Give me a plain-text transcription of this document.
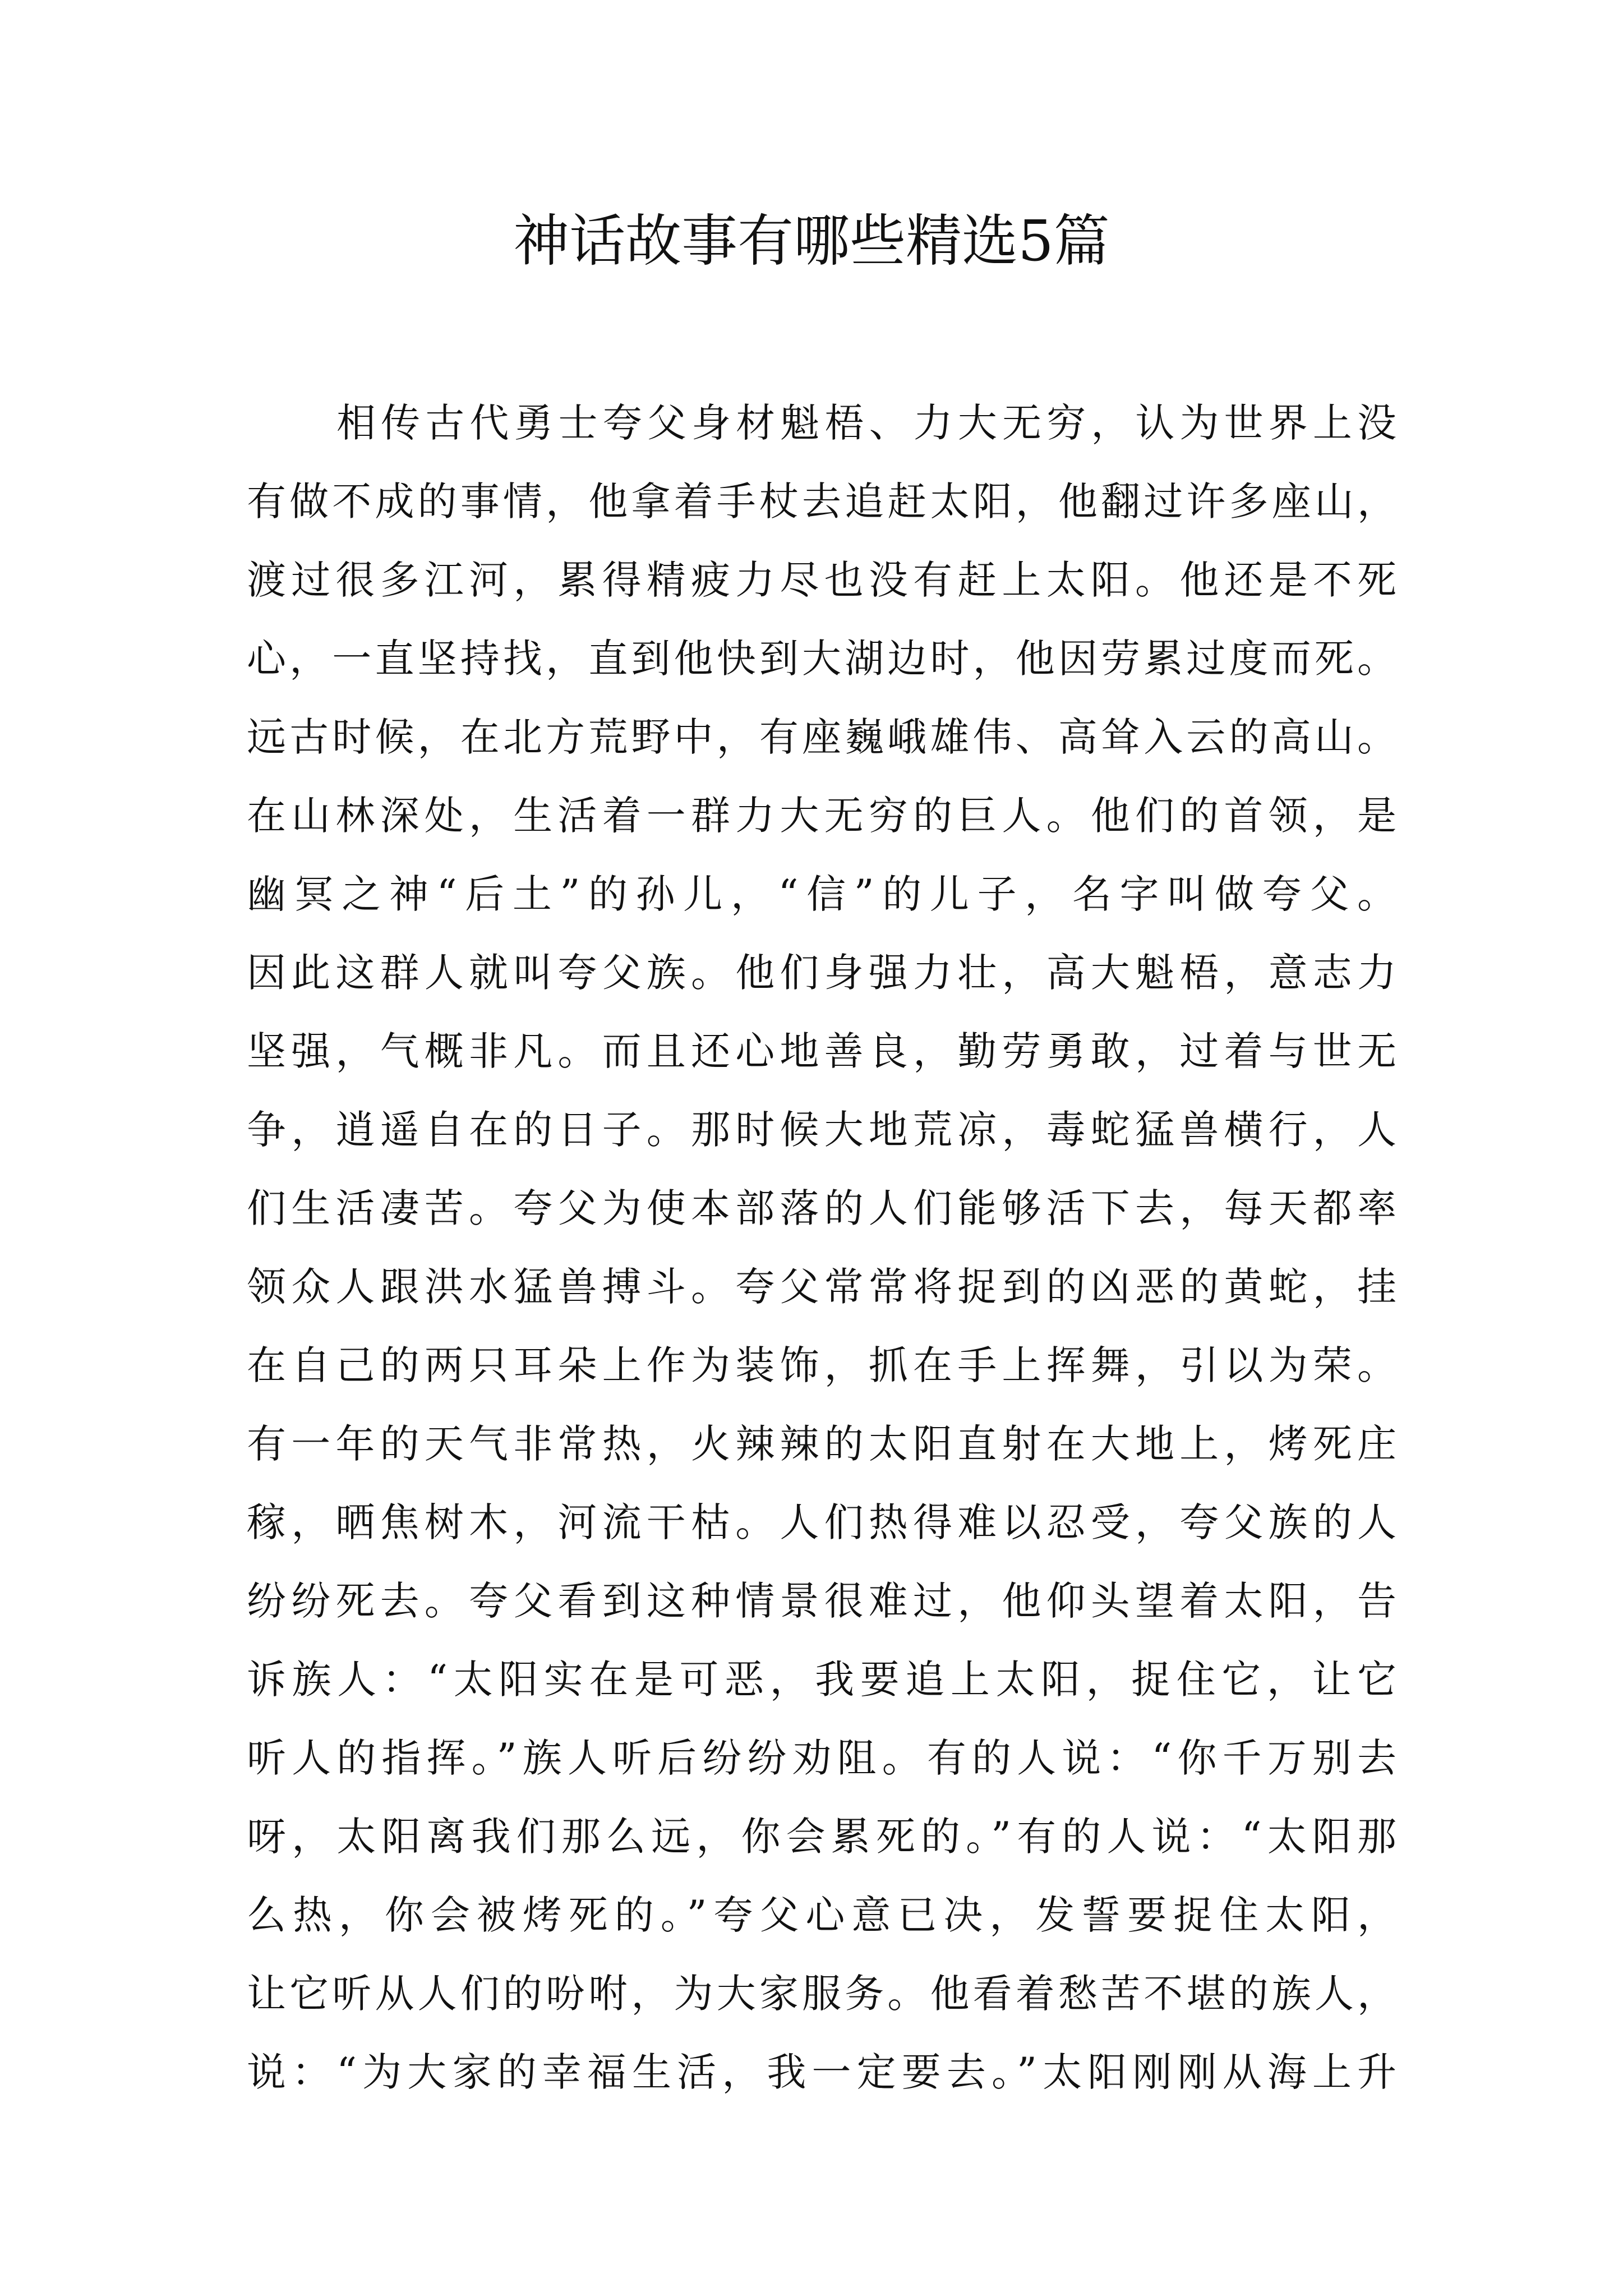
神话故事有哪些精选5篇
相传古代勇士夸父身材魁梧、力大无穷，认为世界上没
有做不成的事情，他拿着手杖去追赶太阳，他翻过许多座山，
渡过很多江河，累得精疲力尽也没有赶上太阳。他还是不死
心，一直坚持找，直到他快到大湖边时，他因劳累过度而死。
远古时候，在北方荒野中，有座巍峨雄伟、高耸入云的高山。
在山林深处，生活着一群力大无穷的巨人。他们的首领，是
幽冥之神“后土”的孙儿，“信”的儿子，名字叫做夸父。
因此这群人就叫夸父族。他们身强力壮，高大魁梧，意志力
坚强，气概非凡。而且还心地善良，勤劳勇敢，过着与世无
争，逍遥自在的日子。那时候大地荒凉，毒蛇猛兽横行，人
们生活凄苦。夸父为使本部落的人们能够活下去，每天都率
领众人跟洪水猛兽搏斗。夸父常常将捉到的凶恶的黄蛇，挂
在自己的两只耳朵上作为装饰，抓在手上挥舞，引以为荣。
有一年的天气非常热，火辣辣的太阳直射在大地上，烤死庄
稼，晒焦树木，河流干枯。人们热得难以忍受，夸父族的人
纷纷死去。夸父看到这种情景很难过，他仰头望着太阳，告
诉族人：“太阳实在是可恶，我要追上太阳，捉住它，让它
听人的指挥。”族人听后纷纷劝阻。有的人说：“你千万别去
呀，太阳离我们那么远，你会累死的。”有的人说：“太阳那
么热，你会被烤死的。”夸父心意已决，发誓要捉住太阳，
让它听从人们的吩咐，为大家服务。他看着愁苦不堪的族人，
说：“为大家的幸福生活，我一定要去。”太阳刚刚从海上升
